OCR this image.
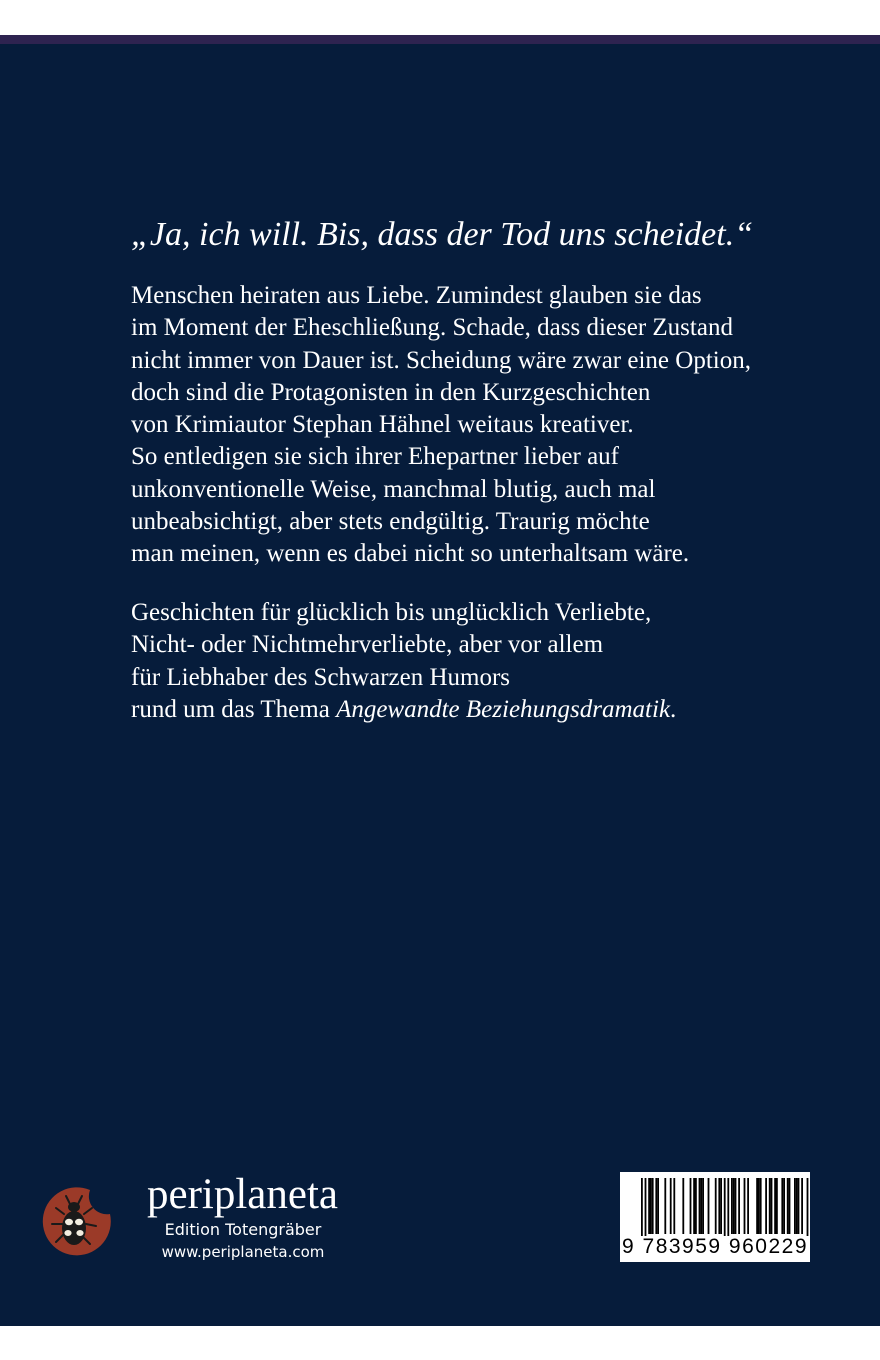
„Ja, ich will. Bis, dass der Tod uns scheidet.“

Menschen heiraten aus Liebe. Zumindest glauben sie das
im Moment der Eheschließung. Schade, dass dieser Zustand
nicht immer von Dauer ist. Scheidung wäre zwar eine Option,
doch sind die Protagonisten in den Kurzgeschichten
von Krimiautor Stephan Hähnel weitaus kreativer.
So entledigen sie sich ihrer Ehepartner lieber auf
unkonventionelle Weise, manchmal blutig, auch mal
unbeabsichtigt, aber stets endgültig. Traurig möchte
man meinen, wenn es dabei nicht so unterhaltsam wäre.

Geschichten für glücklich bis unglücklich Verliebte,
Nicht- oder Nichtmehrverliebte, aber vor allem
für Liebhaber des Schwarzen Humors
rund um das Thema Angewandte Beziehungsdramatik.

periplaneta

Edition Totengräber

www.periplaneta.com	9 783959 960229
